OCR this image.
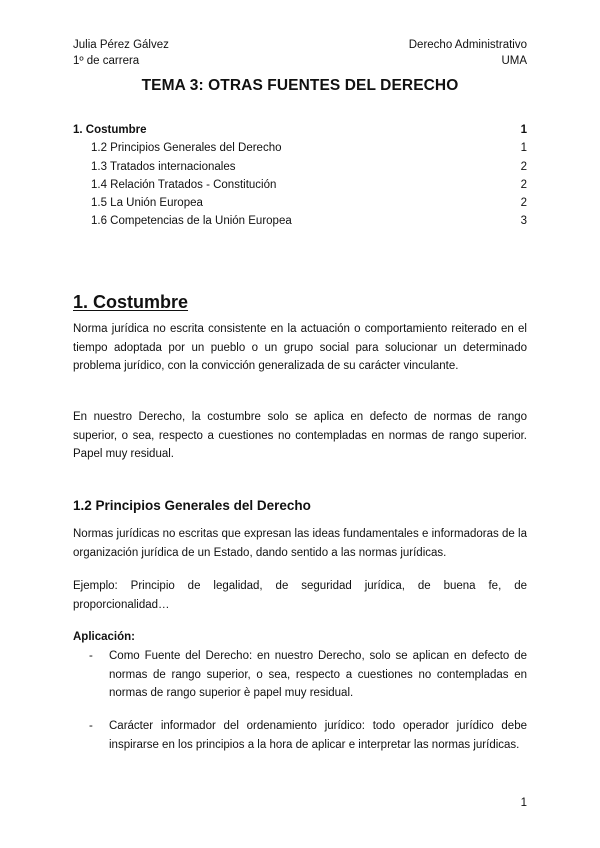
Julia Pérez Gálvez
1º de carrera
Derecho Administrativo
UMA
TEMA 3: OTRAS FUENTES DEL DERECHO
1. Costumbre	1
1.2 Principios Generales del Derecho	1
1.3 Tratados internacionales	2
1.4 Relación Tratados - Constitución	2
1.5 La Unión Europea	2
1.6 Competencias de la Unión Europea	3
1. Costumbre

Norma jurídica no escrita consistente en la actuación o comportamiento reiterado en el tiempo adoptada por un pueblo o un grupo social para solucionar un determinado problema jurídico, con la convicción generalizada de su carácter vinculante.

En nuestro Derecho, la costumbre solo se aplica en defecto de normas de rango superior, o sea, respecto a cuestiones no contempladas en normas de rango superior. Papel muy residual.

1.2 Principios Generales del Derecho

Normas jurídicas no escritas que expresan las ideas fundamentales e informadoras de la organización jurídica de un Estado, dando sentido a las normas jurídicas.

Ejemplo: Principio de legalidad, de seguridad jurídica, de buena fe, de proporcionalidad…

Aplicación:
-	Como Fuente del Derecho: en nuestro Derecho, solo se aplican en defecto de normas de rango superior, o sea, respecto a cuestiones no contempladas en normas de rango superior è papel muy residual.
-	Carácter informador del ordenamiento jurídico: todo operador jurídico debe inspirarse en los principios a la hora de aplicar e interpretar las normas jurídicas.
1
